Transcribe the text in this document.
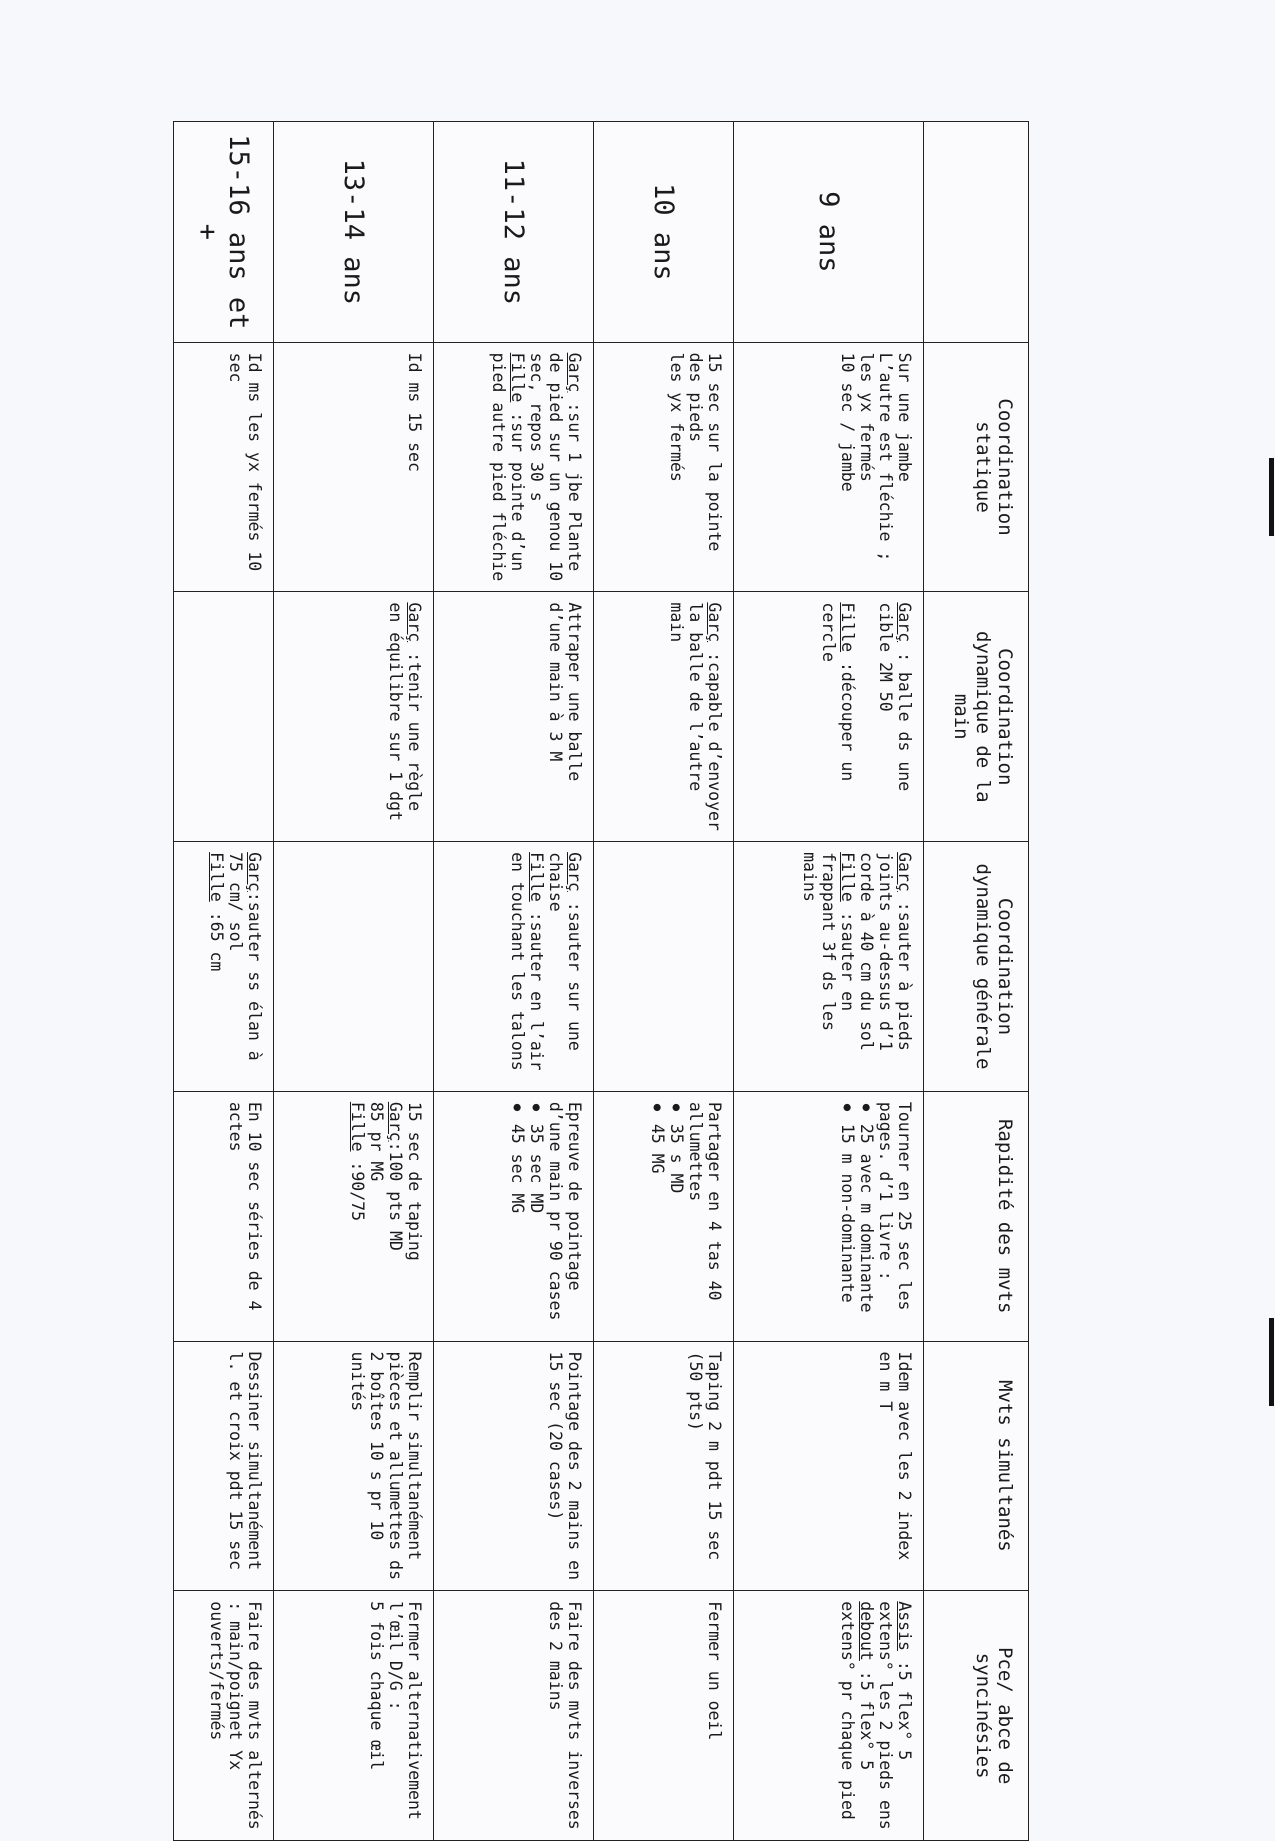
	Coordination statique	Coordination dynamique de la main	Coordination dynamique générale	Rapidité des mvts	Mvts simultanés	Pce/ abce de syncinésies
9 ans	Sur une jambe
L’autre est fléchie ; les yx fermés
10 sec / jambe	Garç : balle ds une cible 2M 50

Fille :découper un cercle	Garç :sauter à pieds joints au-dessus d’1 corde à 40 cm du sol
Fille :sauter en frappant 3f ds les mains	Tourner en 25 sec les pages. d’1 livre :
● 25 avec m dominante
● 15 m non-dominante	Idem avec les 2 index en m T	Assis :5 flex° 5 extens° les 2 pieds ens
debout :5 flex° 5 extens° pr chaque pied
10 ans	15 sec sur la pointe des pieds
les yx fermés	Garç :capable d’envoyer la balle de l’autre main		Partager en 4 tas 40 allumettes
● 35 s MD
● 45 MG	Taping 2 m pdt 15 sec (50 pts)	Fermer un oeil
11-12 ans	Garç :sur 1 jbe Plante de pied sur un genou 10 sec, repos 30 s
Fille :sur pointe d’un pied autre pied fléchie	Attraper une balle d’une main à 3 M	Garç :sauter sur une chaise
Fille :sauter en l’air en touchant les talons	Epreuve de pointage d’une main pr 90 cases
● 35 sec MD
● 45 sec MG	Pointage des 2 mains en 15 sec (20 cases)	Faire des mvts inverses des 2 mains
13-14 ans	Id ms 15 sec	Garç :tenir une règle en équilibre sur 1 dgt		15 sec de taping
Garç:100 pts MD
85 pr MG
Fille :90/75	Remplir simultanément pièces et allumettes ds 2 boîtes 10 s pr 10 unités	Fermer alternativement l’œil D/G :
5 fois chaque œil
15-16 ans et +	Id ms les yx fermés 10 sec		Garç:sauter ss élan à 75 cm/ sol
Fille :65 cm	En 10 sec séries de 4 actes	Dessiner simultanément l. et croix pdt 15 sec	Faire des mvts alternés : main/poignet Yx ouverts/fermés
